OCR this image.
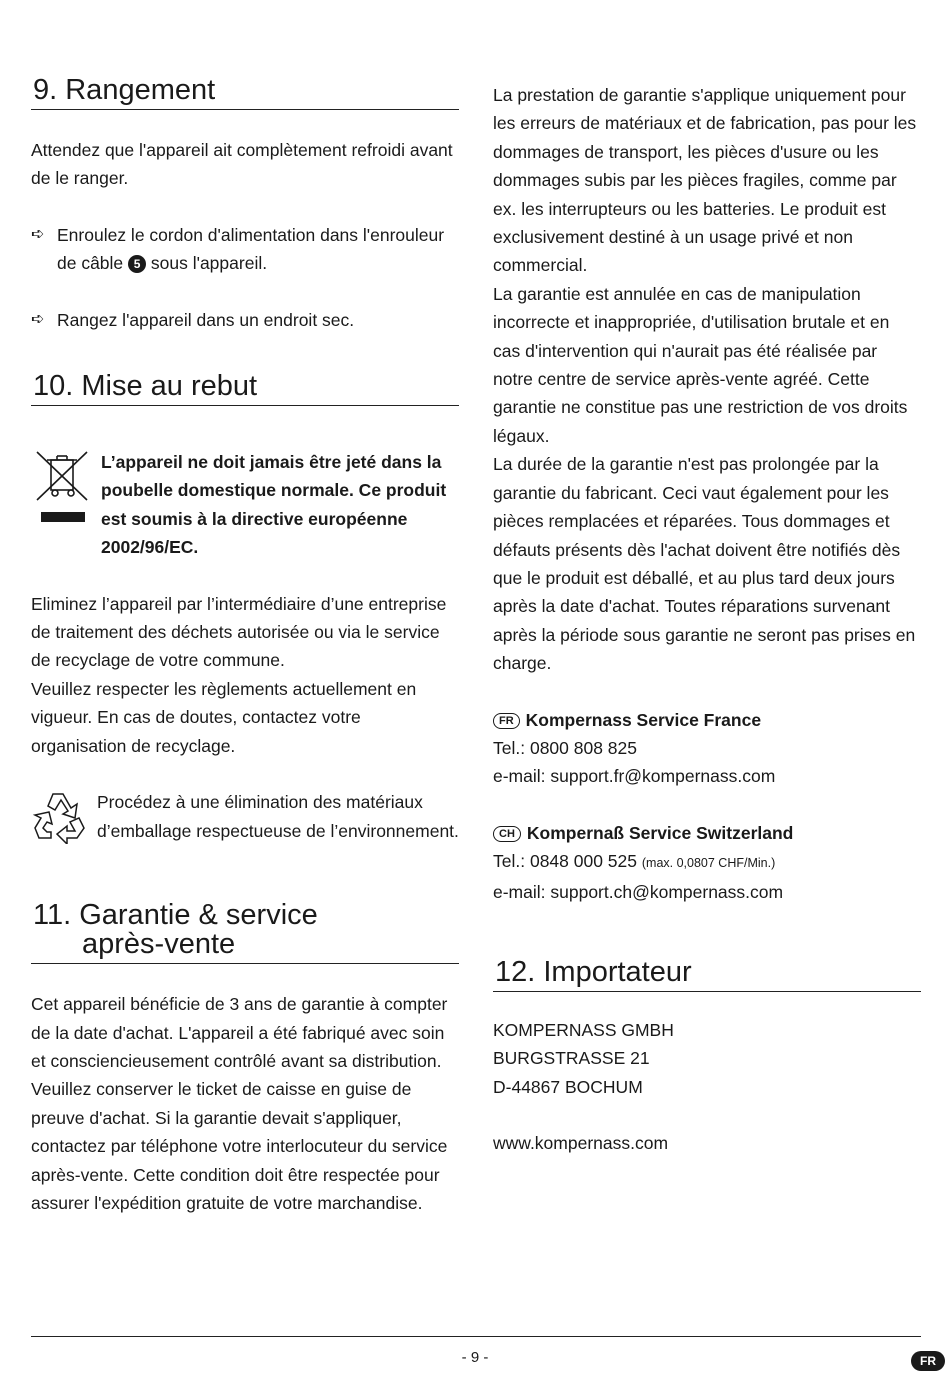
9. Rangement

Attendez que l'appareil ait complètement refroidi avant de le ranger.

➪ Enroulez le cordon d'alimentation dans l'enrouleur de câble 5 sous l'appareil.
➪ Rangez l'appareil dans un endroit sec.
10. Mise au rebut
L’appareil ne doit jamais être jeté dans la poubelle domestique normale. Ce produit est soumis à la directive européenne 2002/96/EC.

Eliminez l’appareil par l’intermédiaire d’une entreprise de traitement des déchets autorisée ou via le service de recyclage de votre commune.

Veuillez respecter les règlements actuellement en vigueur. En cas de doutes, contactez votre organisation de recyclage.

Procédez à une élimination des matériaux d’emballage respectueuse de l’environnement.
11. Garantie & service
après-vente

Cet appareil bénéficie de 3 ans de garantie à compter de la date d'achat. L'appareil a été fabriqué avec soin et consciencieusement contrôlé avant sa distribution. Veuillez conserver le ticket de caisse en guise de preuve d'achat. Si la garantie devait s'appliquer, contactez par téléphone votre interlocuteur du service après-vente. Cette condition doit être respectée pour assurer l'expédition gratuite de votre marchandise.

La prestation de garantie s'applique uniquement pour les erreurs de matériaux et de fabrication, pas pour les dommages de transport, les pièces d'usure ou les dommages subis par les pièces fragiles, comme par ex. les interrupteurs ou les batteries. Le produit est exclusivement destiné à un usage privé et non commercial.

La garantie est annulée en cas de manipulation incorrecte et inappropriée, d'utilisation brutale et en cas d'intervention qui n'aurait pas été réalisée par notre centre de service après-vente agréé. Cette garantie ne constitue pas une restriction de vos droits légaux.

La durée de la garantie n'est pas prolongée par la garantie du fabricant. Ceci vaut également pour les pièces remplacées et réparées. Tous dommages et défauts présents dès l'achat doivent être notifiés dès que le produit est déballé, et au plus tard deux jours après la date d'achat. Toutes réparations survenant après la période sous garantie ne seront pas prises en charge.

FR Kompernass Service France
Tel.: 0800 808 825
e-mail: support.fr@kompernass.com
CH Kompernaß Service Switzerland
Tel.: 0848 000 525 (max. 0,0807 CHF/Min.)
e-mail: support.ch@kompernass.com
12. Importateur
KOMPERNASS GMBH
BURGSTRASSE 21
D-44867 BOCHUM
www.kompernass.com
- 9 -	FR
